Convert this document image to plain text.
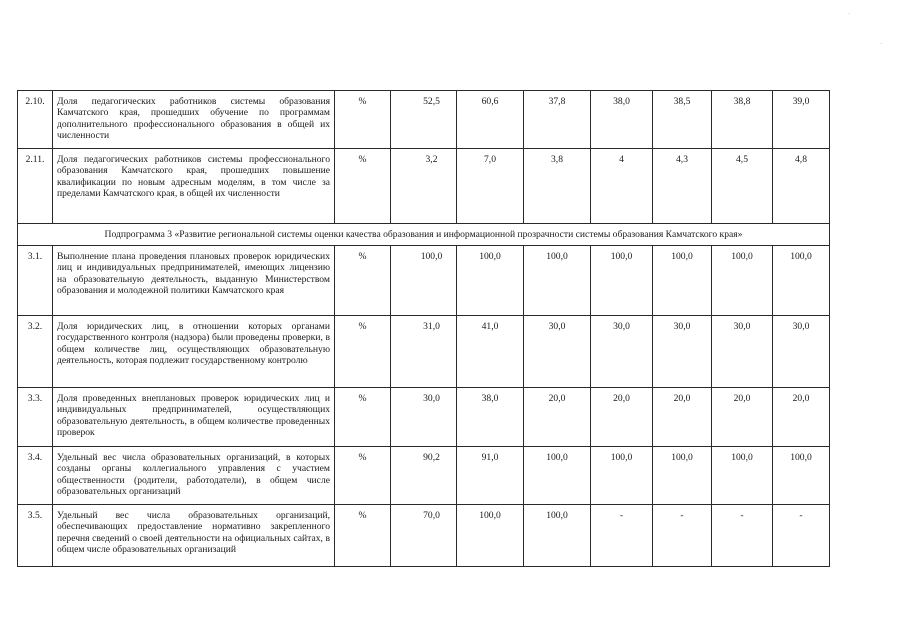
·
·
2.10.	Доля педагогических работников системы образования Камчатского края, прошедших обучение по программам дополнительного профессионального образования в общей их численности	%	52,5	60,6	37,8	38,0	38,5	38,8	39,0
2.11.	Доля педагогических работников системы профессионального образования Камчатского края, прошедших повышение квалификации по новым адресным моделям, в том числе за пределами Камчатского края, в общей их численности	%	3,2	7,0	3,8	4	4,3	4,5	4,8
Подпрограмма 3 «Развитие региональной системы оценки качества образования и информационной прозрачности системы образования Камчатского края»									
3.1.	Выполнение плана проведения плановых проверок юридических лиц и индивидуальных предпринимателей, имеющих лицензию на образовательную деятельность, выданную Министерством образования и молодежной политики Камчатского края	%	100,0	100,0	100,0	100,0	100,0	100,0	100,0
3.2.	Доля юридических лиц, в отношении которых органами государственного контроля (надзора) были проведены проверки, в общем количестве лиц, осуществляющих образовательную деятельность, которая подлежит государственному контролю	%	31,0	41,0	30,0	30,0	30,0	30,0	30,0
3.3.	Доля проведенных внеплановых проверок юридических лиц и индивидуальных предпринимателей, осуществляющих образовательную деятельность, в общем количестве проведенных проверок	%	30,0	38,0	20,0	20,0	20,0	20,0	20,0
3.4.	Удельный вес числа образовательных организаций, в которых созданы органы коллегиального управления с участием общественности (родители, работодатели), в общем числе образовательных организаций	%	90,2	91,0	100,0	100,0	100,0	100,0	100,0
3.5.	Удельный вес числа образовательных организаций, обеспечивающих предоставление нормативно закрепленного перечня сведений о своей деятельности на официальных сайтах, в общем числе образовательных организаций	%	70,0	100,0	100,0	-	-	-	-
